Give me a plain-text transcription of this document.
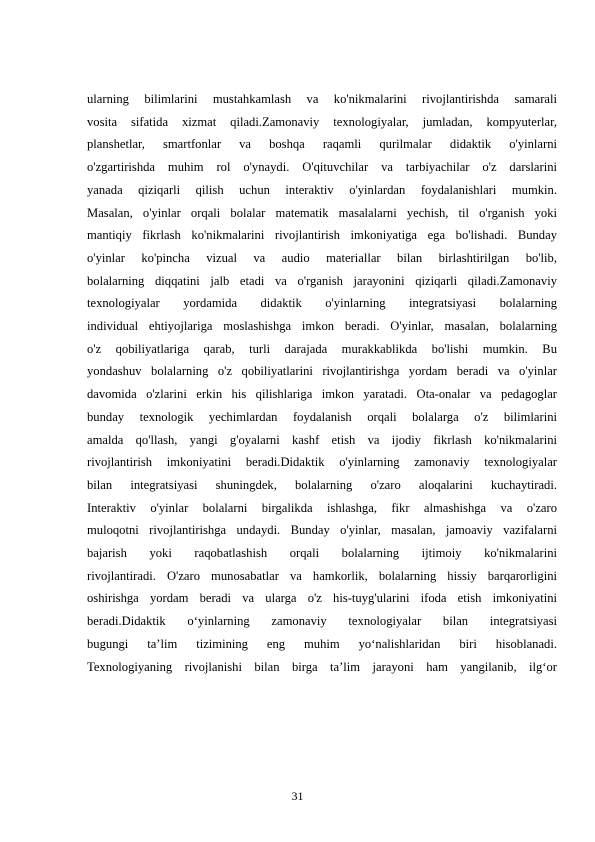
ularning bilimlarini mustahkamlash va ko'nikmalarini rivojlantirishda samarali
vosita sifatida xizmat qiladi.Zamonaviy texnologiyalar, jumladan, kompyuterlar,
planshetlar, smartfonlar va boshqa raqamli qurilmalar didaktik o'yinlarni
o'zgartirishda muhim rol o'ynaydi. O'qituvchilar va tarbiyachilar o'z darslarini
yanada qiziqarli qilish uchun interaktiv o'yinlardan foydalanishlari mumkin.
Masalan, o'yinlar orqali bolalar matematik masalalarni yechish, til o'rganish yoki
mantiqiy fikrlash ko'nikmalarini rivojlantirish imkoniyatiga ega bo'lishadi. Bunday
o'yinlar ko'pincha vizual va audio materiallar bilan birlashtirilgan bo'lib,
bolalarning diqqatini jalb etadi va o'rganish jarayonini qiziqarli qiladi.Zamonaviy
texnologiyalar yordamida didaktik o'yinlarning integratsiyasi bolalarning
individual ehtiyojlariga moslashishga imkon beradi. O'yinlar, masalan, bolalarning
o'z qobiliyatlariga qarab, turli darajada murakkablikda bo'lishi mumkin. Bu
yondashuv bolalarning o'z qobiliyatlarini rivojlantirishga yordam beradi va o'yinlar
davomida o'zlarini erkin his qilishlariga imkon yaratadi. Ota-onalar va pedagoglar
bunday texnologik yechimlardan foydalanish orqali bolalarga o'z bilimlarini
amalda qo'llash, yangi g'oyalarni kashf etish va ijodiy fikrlash ko'nikmalarini
rivojlantirish imkoniyatini beradi.Didaktik o'yinlarning zamonaviy texnologiyalar
bilan integratsiyasi shuningdek, bolalarning o'zaro aloqalarini kuchaytiradi.
Interaktiv o'yinlar bolalarni birgalikda ishlashga, fikr almashishga va o'zaro
muloqotni rivojlantirishga undaydi. Bunday o'yinlar, masalan, jamoaviy vazifalarni
bajarish yoki raqobatlashish orqali bolalarning ijtimoiy ko'nikmalarini
rivojlantiradi. O'zaro munosabatlar va hamkorlik, bolalarning hissiy barqarorligini
oshirishga yordam beradi va ularga o'z his-tuyg'ularini ifoda etish imkoniyatini
beradi.Didaktik o‘yinlarning zamonaviy texnologiyalar bilan integratsiyasi
bugungi ta’lim tizimining eng muhim yo‘nalishlaridan biri hisoblanadi.
Texnologiyaning rivojlanishi bilan birga ta’lim jarayoni ham yangilanib, ilg‘or
31
